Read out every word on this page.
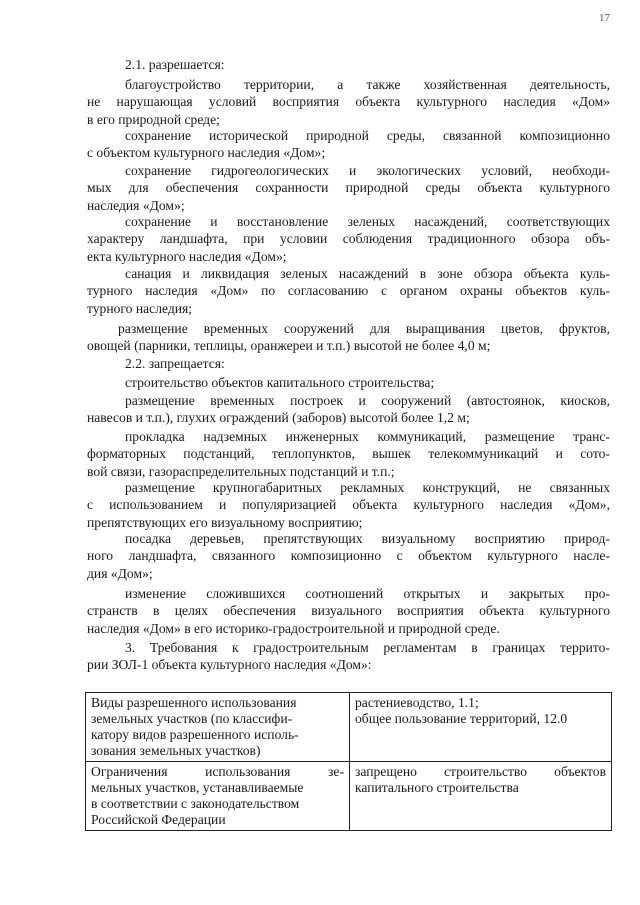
17
2.1. разрешается:
благоустройство территории, а также хозяйственная деятельность,
не нарушающая условий восприятия объекта культурного наследия «Дом»
в его природной среде;
сохранение исторической природной среды, связанной композиционно
с объектом культурного наследия «Дом»;
сохранение гидрогеологических и экологических условий, необходи-
мых для обеспечения сохранности природной среды объекта культурного
наследия «Дом»;
сохранение и восстановление зеленых насаждений, соответствующих
характеру ландшафта, при условии соблюдения традиционного обзора объ-
екта культурного наследия «Дом»;
санация и ликвидация зеленых насаждений в зоне обзора объекта куль-
турного наследия «Дом» по согласованию с органом охраны объектов куль-
турного наследия;
размещение временных сооружений для выращивания цветов, фруктов,
овощей (парники, теплицы, оранжереи и т.п.) высотой не более 4,0 м;
2.2. запрещается:
строительство объектов капитального строительства;
размещение временных построек и сооружений (автостоянок, киосков,
навесов и т.п.), глухих ограждений (заборов) высотой более 1,2 м;
прокладка надземных инженерных коммуникаций, размещение транс-
форматорных подстанций, теплопунктов, вышек телекоммуникаций и сото-
вой связи, газораспределительных подстанций и т.п.;
размещение крупногабаритных рекламных конструкций, не связанных
с использованием и популяризацией объекта культурного наследия «Дом»,
препятствующих его визуальному восприятию;
посадка деревьев, препятствующих визуальному восприятию природ-
ного ландшафта, связанного композиционно с объектом культурного насле-
дия «Дом»;
изменение сложившихся соотношений открытых и закрытых про-
странств в целях обеспечения визуального восприятия объекта культурного
наследия «Дом» в его историко-градостроительной и природной среде.
3. Требования к градостроительным регламентам в границах террито-
рии ЗОЛ-1 объекта культурного наследия «Дом»:
Виды разрешенного использования
земельных участков (по классифи-
катору видов разрешенного исполь-
зования земельных участков)	растениеводство, 1.1;
общее пользование территорий, 12.0

Ограничения использования зе-
мельных участков, устанавливаемые
в соответствии с законодательством
Российской Федерации	запрещено строительство объектов
капитального строительства
